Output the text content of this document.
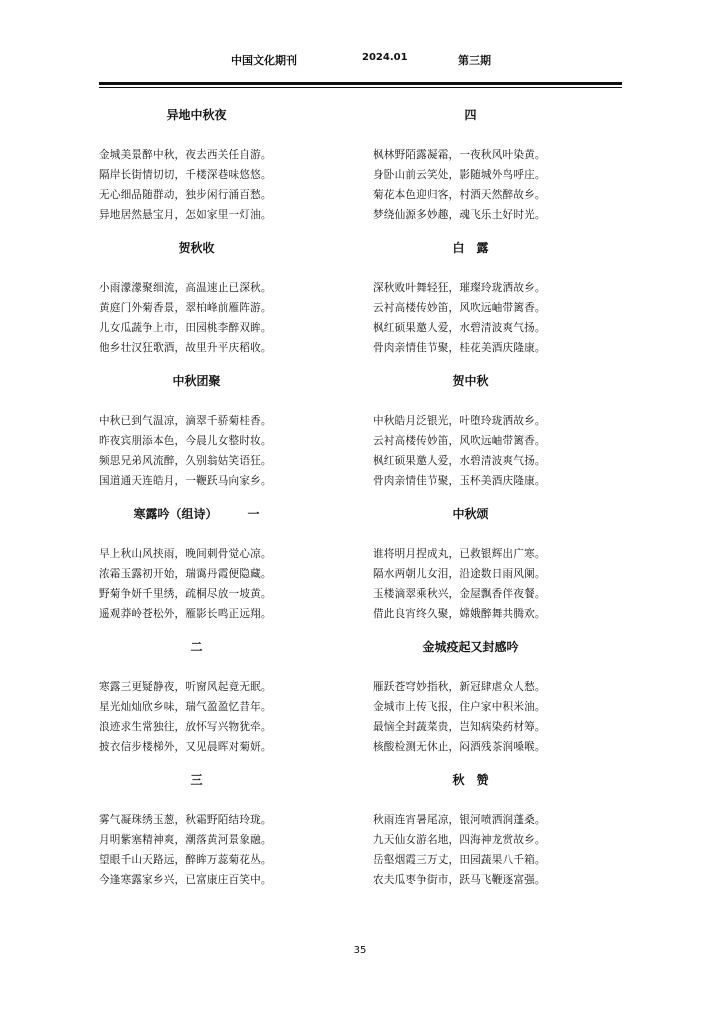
中国文化期刊	2024.01	第三期
异地中秋夜
金城美景醉中秋，夜去西关任自游。
隔岸长街情切切，千楼深巷味悠悠。
无心细品随群动，独步闲行涌百愁。
异地居然悬宝月，怎如家里一灯油。
贺秋收
小雨濛濛聚细流，高温速止已深秋。
黄庭门外菊香景，翠柏峰前雁阵游。
儿女瓜蔬争上市，田园桃李醉双眸。
他乡壮汉狂歌酒，故里升平庆稻收。
中秋团聚
中秋已到气温凉，滴翠千骄菊桂香。
昨夜宾朋添本色，今晨儿女整时妆。
频思兄弟风流醉，久别翁姑笑语狂。
国道通天连皓月，一鞭跃马向家乡。
寒露吟（组诗）	一
早上秋山风挟雨，晚间刺骨觉心凉。
浓霜玉露初开始，瑞霭丹霞便隐藏。
野菊争妍千里绣，疏桐尽放一坡黄。
遥观莽岭苍松外，雁影长鸣正远翔。
二
寒露三更疑静夜，听窗风起竟无眠。
星光灿灿欣乡味，瑞气盈盈忆昔年。
浪迹求生常独往，放怀写兴物犹牵。
披衣信步楼梯外，又见晨晖对菊妍。
三
雾气凝珠绣玉葱，秋霜野陌结玲珑。
月明紫塞精神爽，潮落黄河景象融。
望眼千山天路远，醉眸万蕊菊花丛。
今逢寒露家乡兴，已富康庄百笑中。
四
枫林野陌露凝霜，一夜秋风叶染黄。
身卧山前云笑处，影随城外鸟呼庄。
菊花本色迎归客，村酒天然醉故乡。
梦绕仙源多妙趣，魂飞乐土好时光。
白　露
深秋败叶舞轻狂，璀璨玲珑洒故乡。
云衬高楼传妙笛，风吹远岫带篱香。
枫红硕果邀人爱，水碧清波爽气扬。
骨肉亲情佳节聚，桂花美酒庆隆康。
贺中秋
中秋皓月泛银光，叶堕玲珑洒故乡。
云衬高楼传妙笛，风吹远岫带篱香。
枫红硕果邀人爱，水碧清波爽气扬。
骨肉亲情佳节聚，玉杯美酒庆隆康。
中秋颂
谁将明月捏成丸，已救银辉出广寒。
隔水两朝儿女泪，沿途数日雨风阑。
玉楼滴翠乘秋兴，金屋飘香伴夜餐。
借此良宵终久聚，嫦娥醉舞共腾欢。
金城疫起又封感吟
雁跃苍穹妙指秋，新冠肆虐众人愁。
金城市上传飞报，住户家中积米油。
最恼全封蔬菜贵，岂知病染药材筹。
核酸检测无休止，闷酒残茶润嗓喉。
秋　赞
秋雨连宵暑尾凉，银河喷洒润蓬桑。
九天仙女游名地，四海神龙赏故乡。
岳壑烟霞三万丈，田园蔬果八千箱。
农夫瓜枣争街市，跃马飞鞭逐富强。
35
